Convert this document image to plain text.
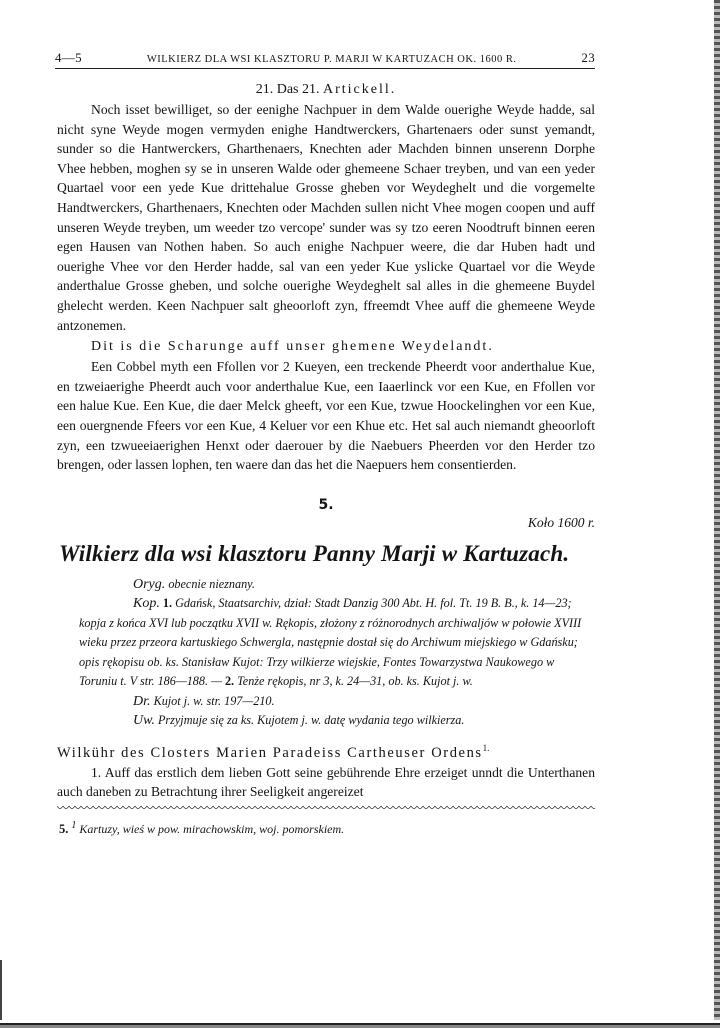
4—5	WILKIERZ DLA WSI KLASZTORU P. MARJI W KARTUZACH OK. 1600 R.	23
21. Das 21. Artickell.

Noch isset bewilliget, so der eenighe Nachpuer in dem Walde ouerighe Weyde hadde, sal nicht syne Weyde mogen vermyden enighe Handtwerckers, Ghartenaers oder sunst yemandt, sunder so die Hantwerckers, Gharthenaers, Knechten ader Machden binnen unserenn Dorphe Vhee hebben, moghen sy se in unseren Walde oder ghemeene Schaer treyben, und van een yeder Quartael voor een yede Kue drittehalue Grosse gheben vor Weydeghelt und die vorgemelte Handtwerckers, Gharthenaers, Knechten oder Machden sullen nicht Vhee mogen coopen und auff unseren Weyde treyben, um weeder tzo vercope' sunder was sy tzo eeren Noodtruft binnen eeren egen Hausen van Nothen haben. So auch enighe Nachpuer weere, die dar Huben hadt und ouerighe Vhee vor den Herder hadde, sal van een yeder Kue yslicke Quartael vor die Weyde anderthalue Grosse gheben, und solche ouerighe Weydeghelt sal alles in die ghemeene Buydel ghelecht werden. Keen Nachpuer salt gheoorloft zyn, ffreemdt Vhee auff die ghemeene Weyde antzonemen.

Dit is die Scharunge auff unser ghemene Weydelandt.

Een Cobbel myth een Ffollen vor 2 Kueyen, een treckende Pheerdt voor anderthalue Kue, en tzweiaerighe Pheerdt auch voor anderthalue Kue, een Iaaerlinck vor een Kue, en Ffollen vor een halue Kue. Een Kue, die daer Melck gheeft, vor een Kue, tzwue Hoockelinghen vor een Kue, een ouergnende Ffeers vor een Kue, 4 Keluer vor een Khue etc. Het sal auch niemandt gheoorloft zyn, een tzwueeiaerighen Henxt oder daerouer by die Naebuers Pheerden vor den Herder tzo brengen, oder lassen lophen, ten waere dan das het die Naepuers hem consentierden.

5.
Koło 1600 r.
Wilkierz dla wsi klasztoru Panny Marji w Kartuzach.
Oryg. obecnie nieznany.
Kop. 1. Gdańsk, Staatsarchiv, dział: Stadt Danzig 300 Abt. H. fol. Tt. 19 B. B., k. 14—23; kopja z końca XVI lub początku XVII w. Rękopis, złożony z różnorodnych archiwaljów w połowie XVIII wieku przez przeora kartuskiego Schwergla, następnie dostał się do Archiwum miejskiego w Gdańsku; opis rękopisu ob. ks. Stanisław Kujot: Trzy wilkierze wiejskie, Fontes Towarzystwa Naukowego w Toruniu t. V str. 186—188. — 2. Tenże rękopis, nr 3, k. 24—31, ob. ks. Kujot j. w.
Dr. Kujot j. w. str. 197—210.
Uw. Przyjmuje się za ks. Kujotem j. w. datę wydania tego wilkierza.
Wilkühr des Closters Marien Paradeiss Cartheuser Ordens$^{1.}$

1. Auff das erstlich dem lieben Gott seine gebührende Ehre erzeiget unndt die Unterthanen auch daneben zu Betrachtung ihrer Seeligkeit angereizet

5. $^1$ Kartuzy, wieś w pow. mirachowskim, woj. pomorskiem.
